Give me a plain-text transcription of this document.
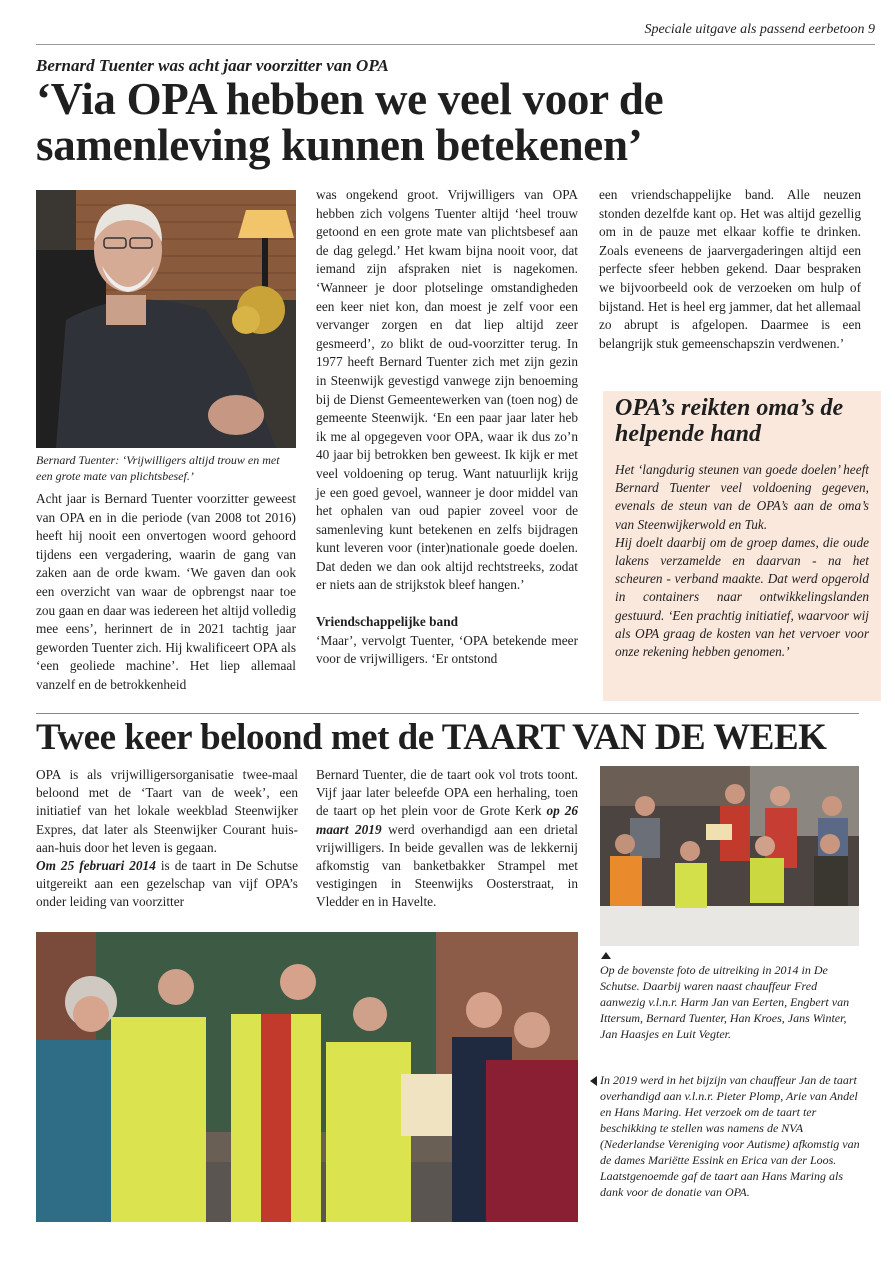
Speciale uitgave als passend eerbetoon 9
Bernard Tuenter was acht jaar voorzitter van OPA
‘Via OPA hebben we veel voor de samenleving kunnen betekenen’
Bernard Tuenter: ‘Vrijwilligers altijd trouw en met een grote mate van plichtsbesef.’

Acht jaar is Bernard Tuenter voorzitter geweest van OPA en in die periode (van 2008 tot 2016) heeft hij nooit een onvertogen woord gehoord tijdens een vergadering, waarin de gang van zaken aan de orde kwam. ‘We gaven dan ook een overzicht van waar de opbrengst naar toe zou gaan en daar was iedereen het altijd volledig mee eens’, herinnert de in 2021 tachtig jaar geworden Tuenter zich. Hij kwalificeert OPA als ‘een geoliede machine’. Het liep allemaal vanzelf en de betrokkenheid

was ongekend groot. Vrijwilligers van OPA hebben zich volgens Tuenter altijd ‘heel trouw getoond en een grote mate van plichtsbesef aan de dag gelegd.’ Het kwam bijna nooit voor, dat iemand zijn afspraken niet is nagekomen. ‘Wanneer je door plotselinge omstandigheden een keer niet kon, dan moest je zelf voor een vervanger zorgen en dat liep altijd zeer gesmeerd’, zo blikt de oud-voorzitter terug. In 1977 heeft Bernard Tuenter zich met zijn gezin in Steenwijk gevestigd vanwege zijn benoeming bij de Dienst Gemeentewerken van (toen nog) de gemeente Steenwijk. ‘En een paar jaar later heb ik me al opgegeven voor OPA, waar ik dus zo’n 40 jaar bij betrokken ben geweest. Ik kijk er met veel voldoening op terug. Want natuurlijk krijg je een goed gevoel, wanneer je door middel van het ophalen van oud papier zoveel voor de samenleving kunt betekenen en zelfs bijdragen kunt leveren voor (inter)nationale goede doelen. Dat deden we dan ook altijd rechtstreeks, zodat er niets aan de strijkstok bleef hangen.’

Vriendschappelijke band

‘Maar’, vervolgt Tuenter, ‘OPA betekende meer voor de vrijwilligers. ‘Er ontstond

een vriendschappelijke band. Alle neuzen stonden dezelfde kant op. Het was altijd gezellig om in de pauze met elkaar koffie te drinken. Zoals eveneens de jaarvergaderingen altijd een perfecte sfeer hebben gekend. Daar bespraken we bijvoorbeeld ook de verzoeken om hulp of bijstand. Het is heel erg jammer, dat het allemaal zo abrupt is afgelopen. Daarmee is een belangrijk stuk gemeenschapszin verdwenen.’

OPA’s reikten oma’s de helpende hand
Het ‘langdurig steunen van goede doelen’ heeft Bernard Tuenter veel voldoening gegeven, evenals de steun van de OPA’s aan de oma’s van Steenwijkerwold en Tuk.
Hij doelt daarbij om de groep dames, die oude lakens verzamelde en daarvan - na het scheuren - verband maakte. Dat werd opgerold in containers naar ontwikkelingslanden gestuurd. ‘Een prachtig initiatief, waarvoor wij als OPA graag de kosten van het vervoer voor onze rekening hebben genomen.’
Twee keer beloond met de TAART VAN DE WEEK
OPA is als vrijwilligersorganisatie twee-maal beloond met de ‘Taart van de week’, een initiatief van het lokale weekblad Steenwijker Expres, dat later als Steenwijker Courant huis-aan-huis door het leven is gegaan.
Om 25 februari 2014 is de taart in De Schutse uitgereikt aan een gezelschap van vijf OPA’s onder leiding van voorzitter
Bernard Tuenter, die de taart ook vol trots toont. Vijf jaar later beleefde OPA een herhaling, toen de taart op het plein voor de Grote Kerk op 26 maart 2019 werd overhandigd aan een drietal vrijwilligers. In beide gevallen was de lekkernij afkomstig van banketbakker Strampel met vestigingen in Steenwijks Oosterstraat, in Vledder en in Havelte.
Op de bovenste foto de uitreiking in 2014 in De Schutse. Daarbij waren naast chauffeur Fred aanwezig v.l.n.r. Harm Jan van Eerten, Engbert van Ittersum, Bernard Tuenter, Han Kroes, Jans Winter, Jan Haasjes en Luit Vegter.
In 2019 werd in het bijzijn van chauffeur Jan de taart overhandigd aan v.l.n.r. Pieter Plomp, Arie van Andel en Hans Maring. Het verzoek om de taart ter beschikking te stellen was namens de NVA (Nederlandse Vereniging voor Autisme) afkomstig van de dames Mariëtte Essink en Erica van der Loos. Laatstgenoemde gaf de taart aan Hans Maring als dank voor de donatie van OPA.
